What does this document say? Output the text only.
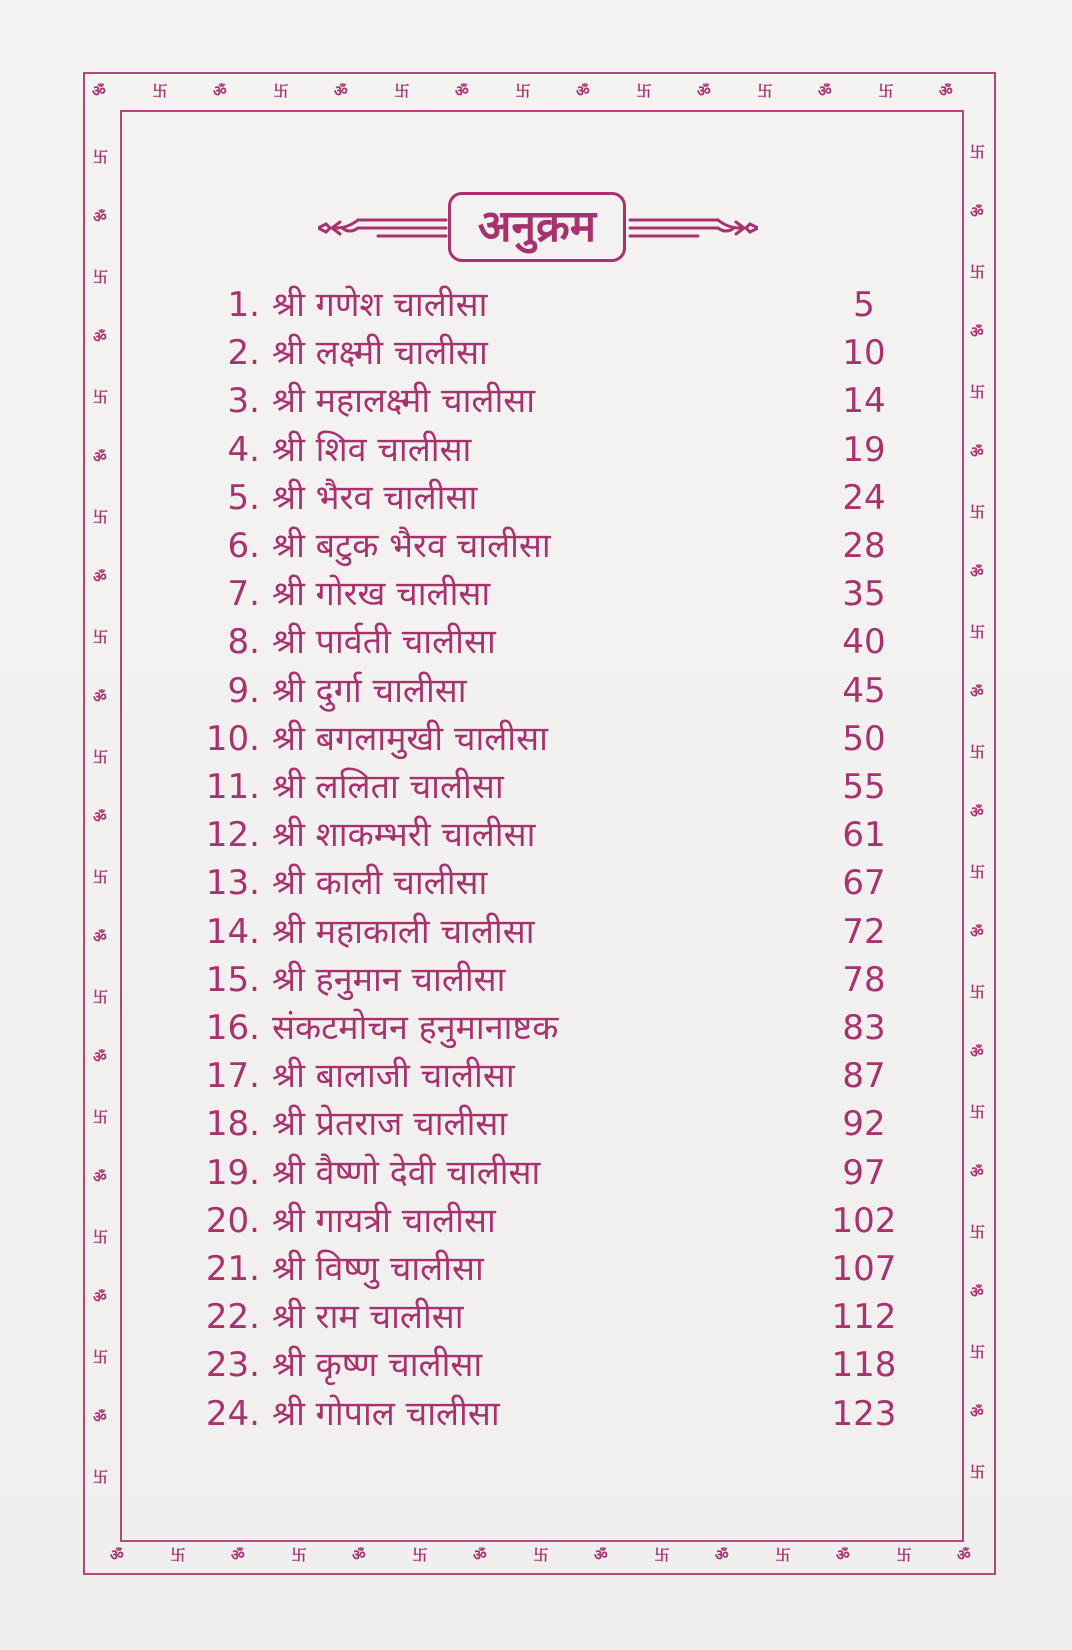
ॐ	卐	ॐ	卐	ॐ	卐	ॐ	卐	ॐ	卐	ॐ	卐	ॐ	卐	ॐ
ॐ	卐	ॐ	卐	ॐ	卐	ॐ	卐	ॐ	卐	ॐ	卐	ॐ	卐	ॐ
卐
ॐ
卐
ॐ
卐
ॐ
卐
ॐ
卐
ॐ
卐
ॐ
卐
ॐ
卐
ॐ
卐
ॐ
卐
ॐ
卐
ॐ
卐
卐
ॐ
卐
ॐ
卐
ॐ
卐
ॐ
卐
ॐ
卐
ॐ
卐
ॐ
卐
ॐ
卐
ॐ
卐
ॐ
卐
ॐ
卐
अनुक्रम
1. श्री गणेश चालीसा	5
2. श्री लक्ष्मी चालीसा	10
3. श्री महालक्ष्मी चालीसा	14
4. श्री शिव चालीसा	19
5. श्री भैरव चालीसा	24
6. श्री बटुक भैरव चालीसा	28
7. श्री गोरख चालीसा	35
8. श्री पार्वती चालीसा	40
9. श्री दुर्गा चालीसा	45
10. श्री बगलामुखी चालीसा	50
11. श्री ललिता चालीसा	55
12. श्री शाकम्भरी चालीसा	61
13. श्री काली चालीसा	67
14. श्री महाकाली चालीसा	72
15. श्री हनुमान चालीसा	78
16. संकटमोचन हनुमानाष्टक	83
17. श्री बालाजी चालीसा	87
18. श्री प्रेतराज चालीसा	92
19. श्री वैष्णो देवी चालीसा	97
20. श्री गायत्री चालीसा	102
21. श्री विष्णु चालीसा	107
22. श्री राम चालीसा	112
23. श्री कृष्ण चालीसा	118
24. श्री गोपाल चालीसा	123
